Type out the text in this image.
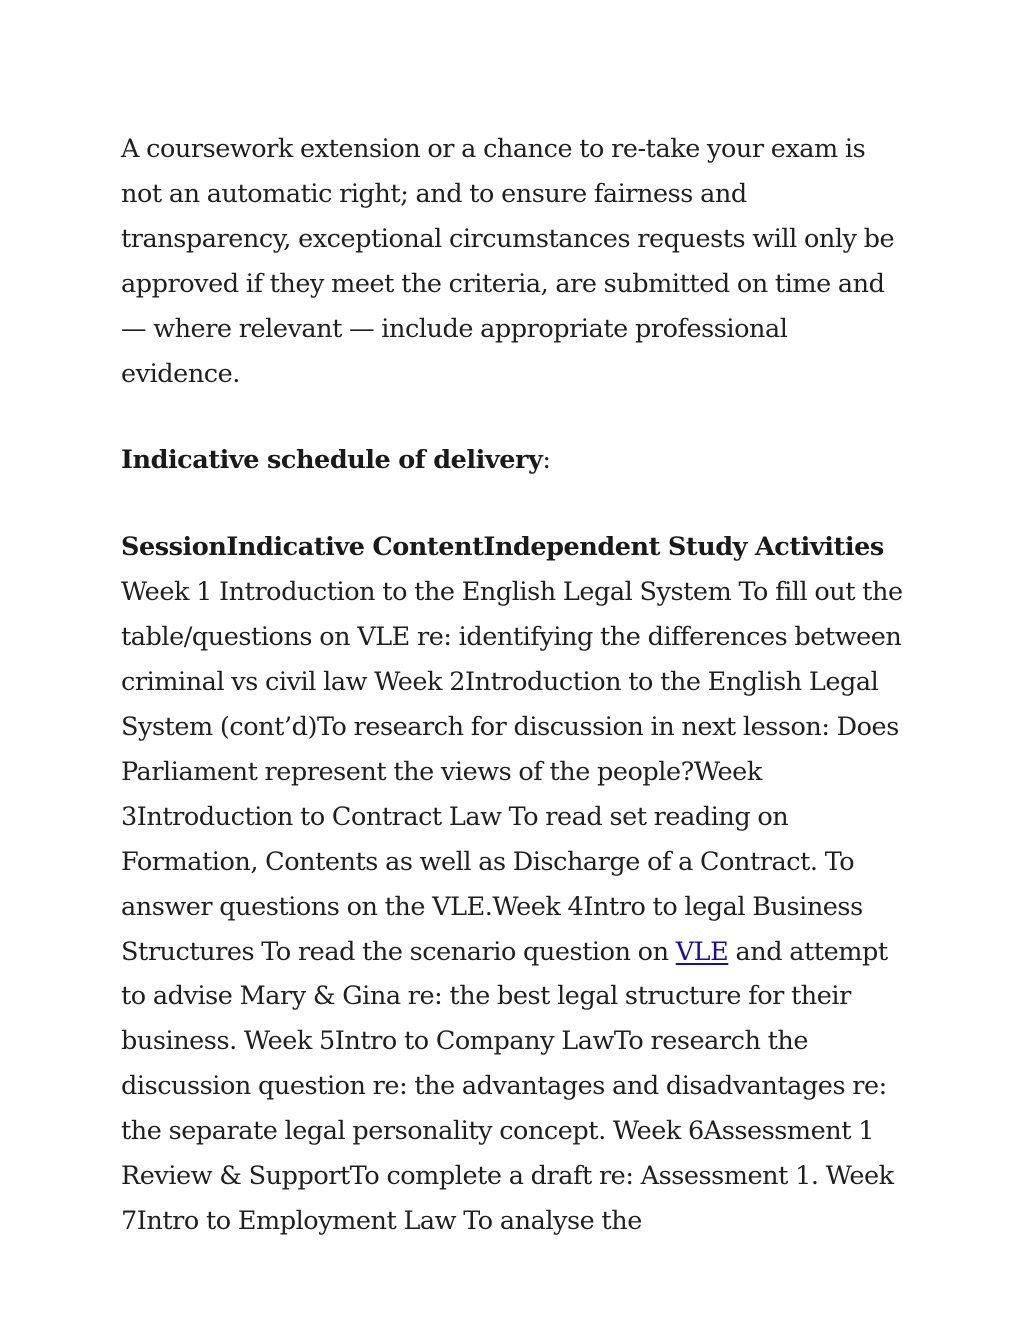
A coursework extension or a chance to re-take your exam is not an automatic right; and to ensure fairness and transparency, exceptional circumstances requests will only be approved if they meet the criteria, are submitted on time and — where relevant — include appropriate professional evidence.

Indicative schedule of delivery:

SessionIndicative ContentIndependent Study Activities Week 1 Introduction to the English Legal System To fill out the table/questions on VLE re: identifying the differences between criminal vs civil law Week 2Introduction to the English Legal System (cont’d)To research for discussion in next lesson: Does Parliament represent the views of the people?Week 3Introduction to Contract Law To read set reading on Formation, Contents as well as Discharge of a Contract. To answer questions on the VLE.Week 4Intro to legal Business Structures To read the scenario question on VLE and attempt to advise Mary & Gina re: the best legal structure for their business. Week 5Intro to Company LawTo research the discussion question re: the advantages and disadvantages re: the separate legal personality concept. Week 6Assessment 1 Review & SupportTo complete a draft re: Assessment 1. Week 7Intro to Employment Law To analyse the
